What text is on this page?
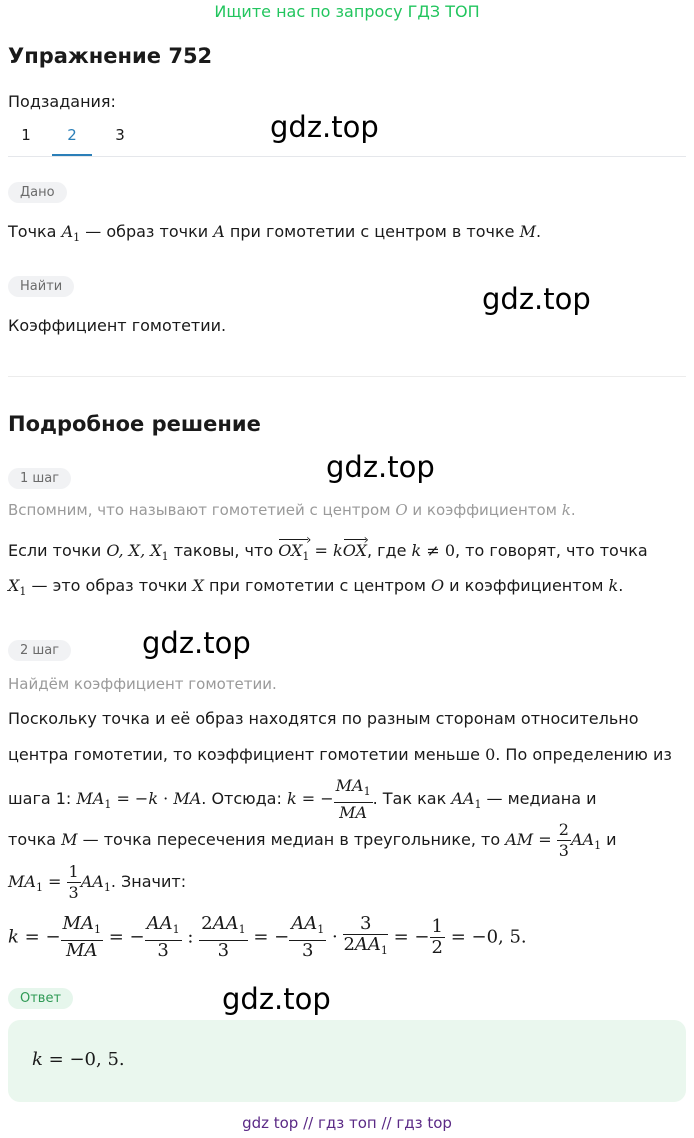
Ищите нас по запросу ГДЗ ТОП
Упражнение 752
Подзадания:
1	2	3	gdz.top
gdz.top
gdz.top
gdz.top
gdz.top
Дано
Точка $A_1$ — образ точки A при гомотетии с центром в точке M.
Найти
Коэффициент гомотетии.
Подробное решение
1 шаг
Вспомним, что называют гомотетией с центром O и коэффициентом k.
Если точки O, X, $X_1$ таковы, что $OX_1$ › = kOX ›, где k ≠ 0, то говорят, что точка
$X_1$ — это образ точки X при гомотетии с центром O и коэффициентом k.
2 шаг
Найдём коэффициент гомотетии.
Поскольку точка и её образ находятся по разным сторонам относительно
центра гомотетии, то коэффициент гомотетии меньше 0. По определению из
шага 1: $MA_1 = -k$ · MA. Отсюда: k = − $\frac{MA_1}{MA}$ . Так как $AA_1$ — медиана и
точка M — точка пересечения медиан в треугольнике, то AM = $\frac{2}{3} AA_1$ и
$MA_1 = \frac{1}{3} AA_1$. Значит:
k = − $\frac{MA_1}{MA}$ = − $\frac{AA_1}{3}$ : $\frac{2AA_1}{3}$ = − $\frac{AA_1}{3} \cdot \frac{3}{2AA_1}$ = − $\frac{1}{2} = -0$, 5.
Ответ
k = −0, 5.
gdz top // гдз топ // гдз top
